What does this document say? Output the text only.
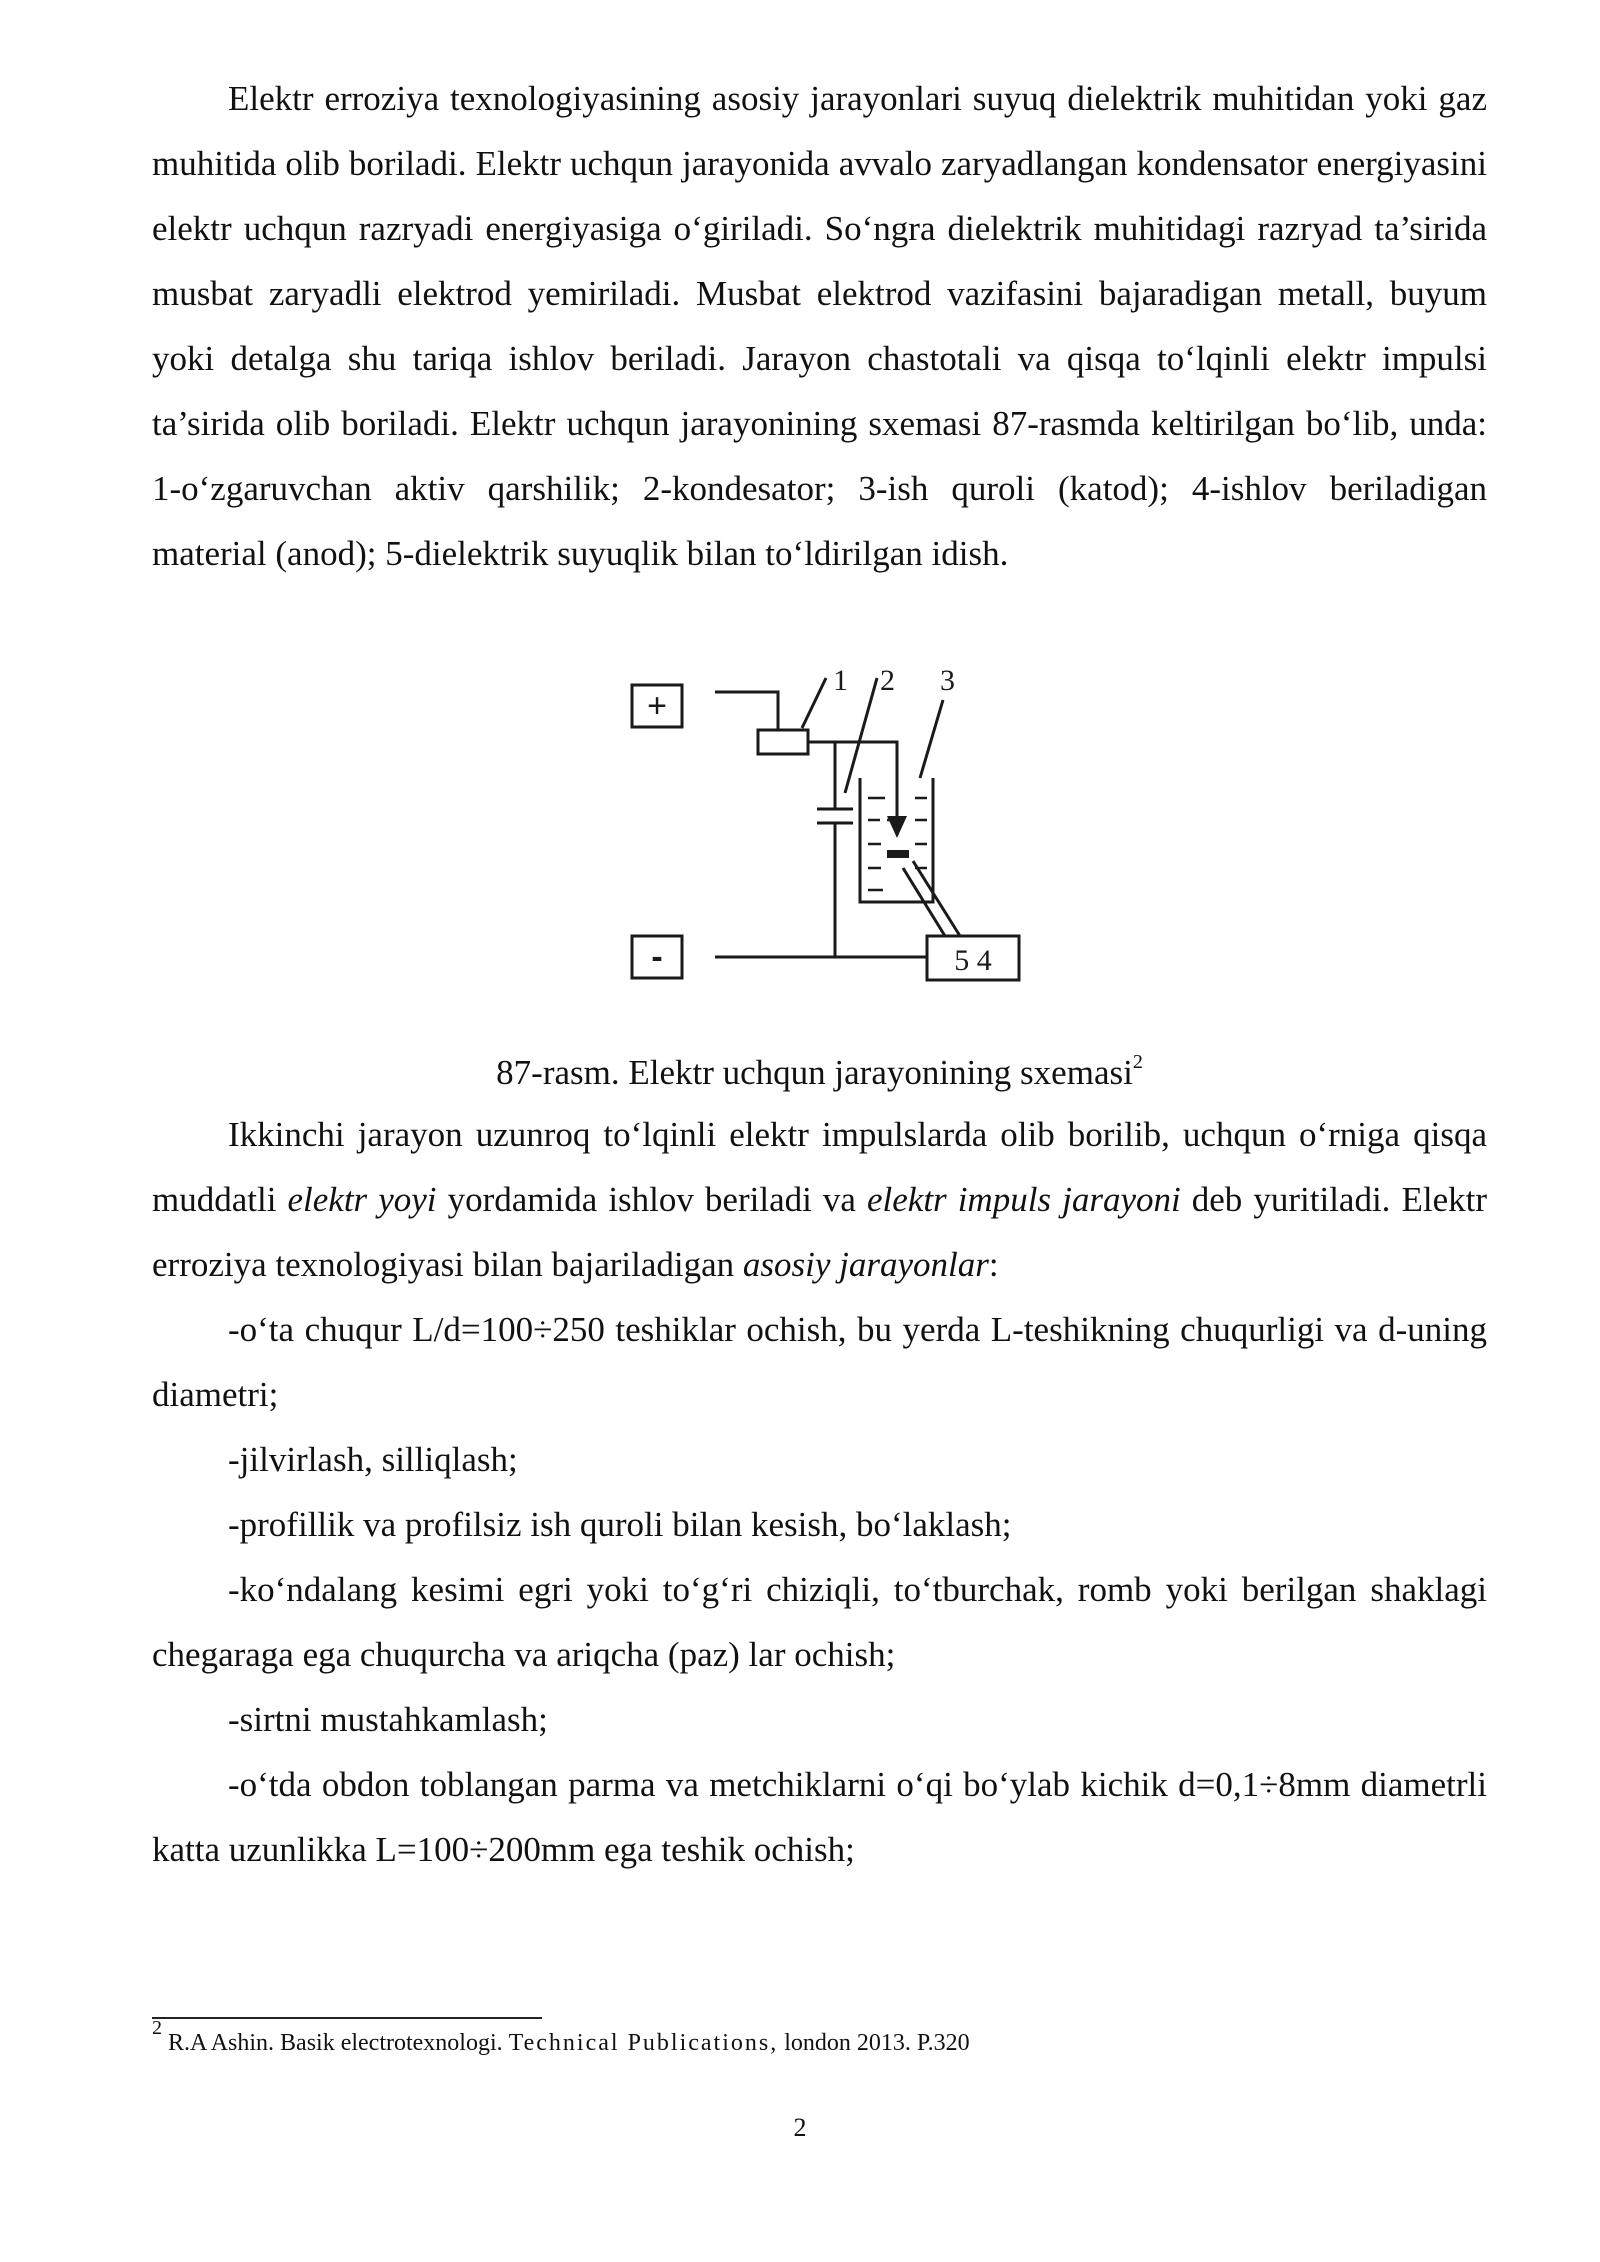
Elektr erroziya texnologiyasining asosiy jarayonlari suyuq dielektrik muhitidan yoki gaz muhitida olib boriladi. Elektr uchqun jarayonida avvalo zaryadlangan kondensator energiyasini elektr uchqun razryadi energiyasiga o‘giriladi. So‘ngra dielektrik muhitidagi razryad ta’sirida musbat zaryadli elektrod yemiriladi. Musbat elektrod vazifasini bajaradigan metall, buyum yoki detalga shu tariqa ishlov beriladi. Jarayon chastotali va qisqa to‘lqinli elektr impulsi ta’sirida olib boriladi. Elektr uchqun jarayonining sxemasi 87-rasmda keltirilgan bo‘lib, unda: 1-o‘zgaruvchan aktiv qarshilik; 2-kondesator; 3-ish quroli (katod); 4-ishlov beriladigan material (anod); 5-dielektrik suyuqlik bilan to‘ldirilgan idish.

+
-
1 2 3
5 4
87-rasm. Elektr uchqun jarayonining sxemasi$^2$

Ikkinchi jarayon uzunroq to‘lqinli elektr impulslarda olib borilib, uchqun o‘rniga qisqa muddatli elektr yoyi yordamida ishlov beriladi va elektr impuls jarayoni deb yuritiladi. Elektr erroziya texnologiyasi bilan bajariladigan asosiy jarayonlar:

-o‘ta chuqur L/d=100÷250 teshiklar ochish, bu yerda L-teshikning chuqurligi va d-uning diametri;

-jilvirlash, silliqlash;

-profillik va profilsiz ish quroli bilan kesish, bo‘laklash;

-ko‘ndalang kesimi egri yoki to‘g‘ri chiziqli, to‘tburchak, romb yoki berilgan shaklagi chegaraga ega chuqurcha va ariqcha (paz) lar ochish;

-sirtni mustahkamlash;

-o‘tda obdon toblangan parma va metchiklarni o‘qi bo‘ylab kichik d=0,1÷8mm diametrli katta uzunlikka L=100÷200mm ega teshik ochish;

$^2$ R.A Ashin. Basik electrotexnologi. Technical Publications, london 2013. P.320
2
